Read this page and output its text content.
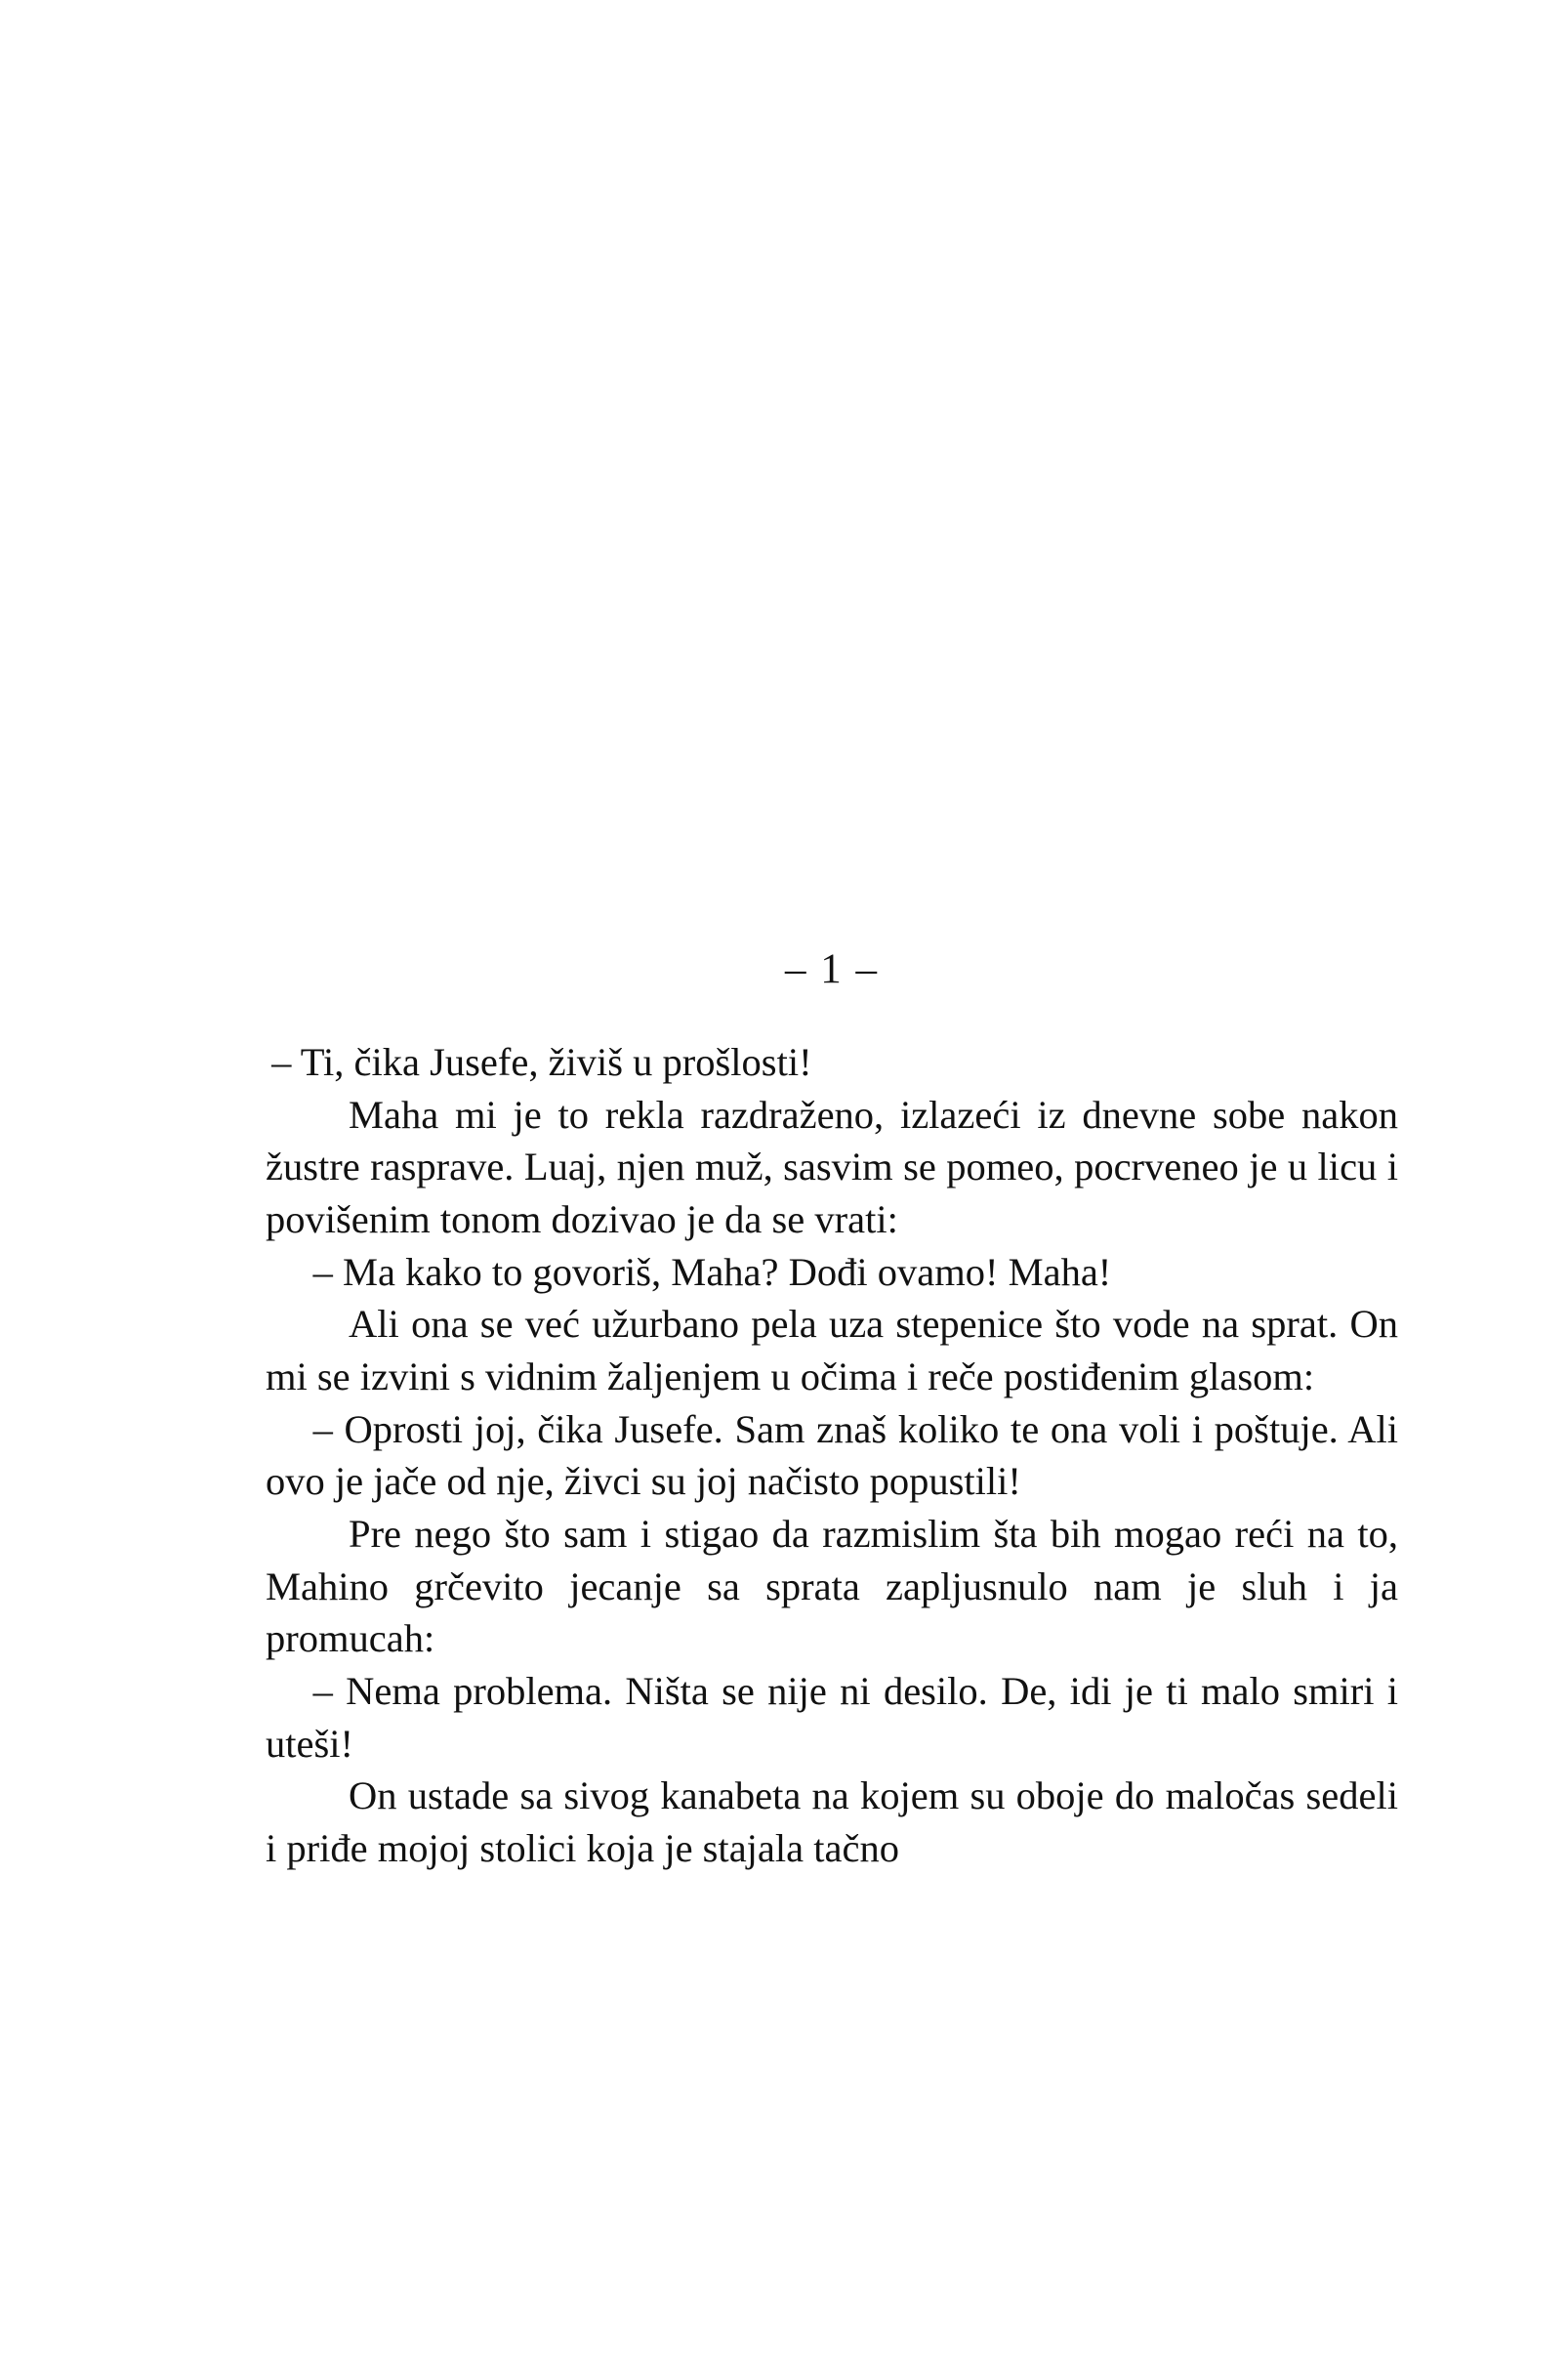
– 1 –

– Ti, čika Jusefe, živiš u prošlosti!

Maha mi je to rekla razdraženo, izlazeći iz dnevne sobe nakon žustre rasprave. Luaj, njen muž, sasvim se pomeo, pocrveneo je u licu i povišenim tonom dozivao je da se vrati:

– Ma kako to govoriš, Maha? Dođi ovamo! Maha!

Ali ona se već užurbano pela uza stepenice što vode na sprat. On mi se izvini s vidnim žaljenjem u očima i reče postiđenim glasom:

– Oprosti joj, čika Jusefe. Sam znaš koliko te ona voli i poštuje. Ali ovo je jače od nje, živci su joj načisto popustili!

Pre nego što sam i stigao da razmislim šta bih mogao reći na to, Mahino grčevito jecanje sa sprata zapljusnulo nam je sluh i ja promucah:

– Nema problema. Ništa se nije ni desilo. De, idi je ti malo smiri i uteši!

On ustade sa sivog kanabeta na kojem su oboje do maločas sedeli i priđe mojoj stolici koja je stajala tačno
